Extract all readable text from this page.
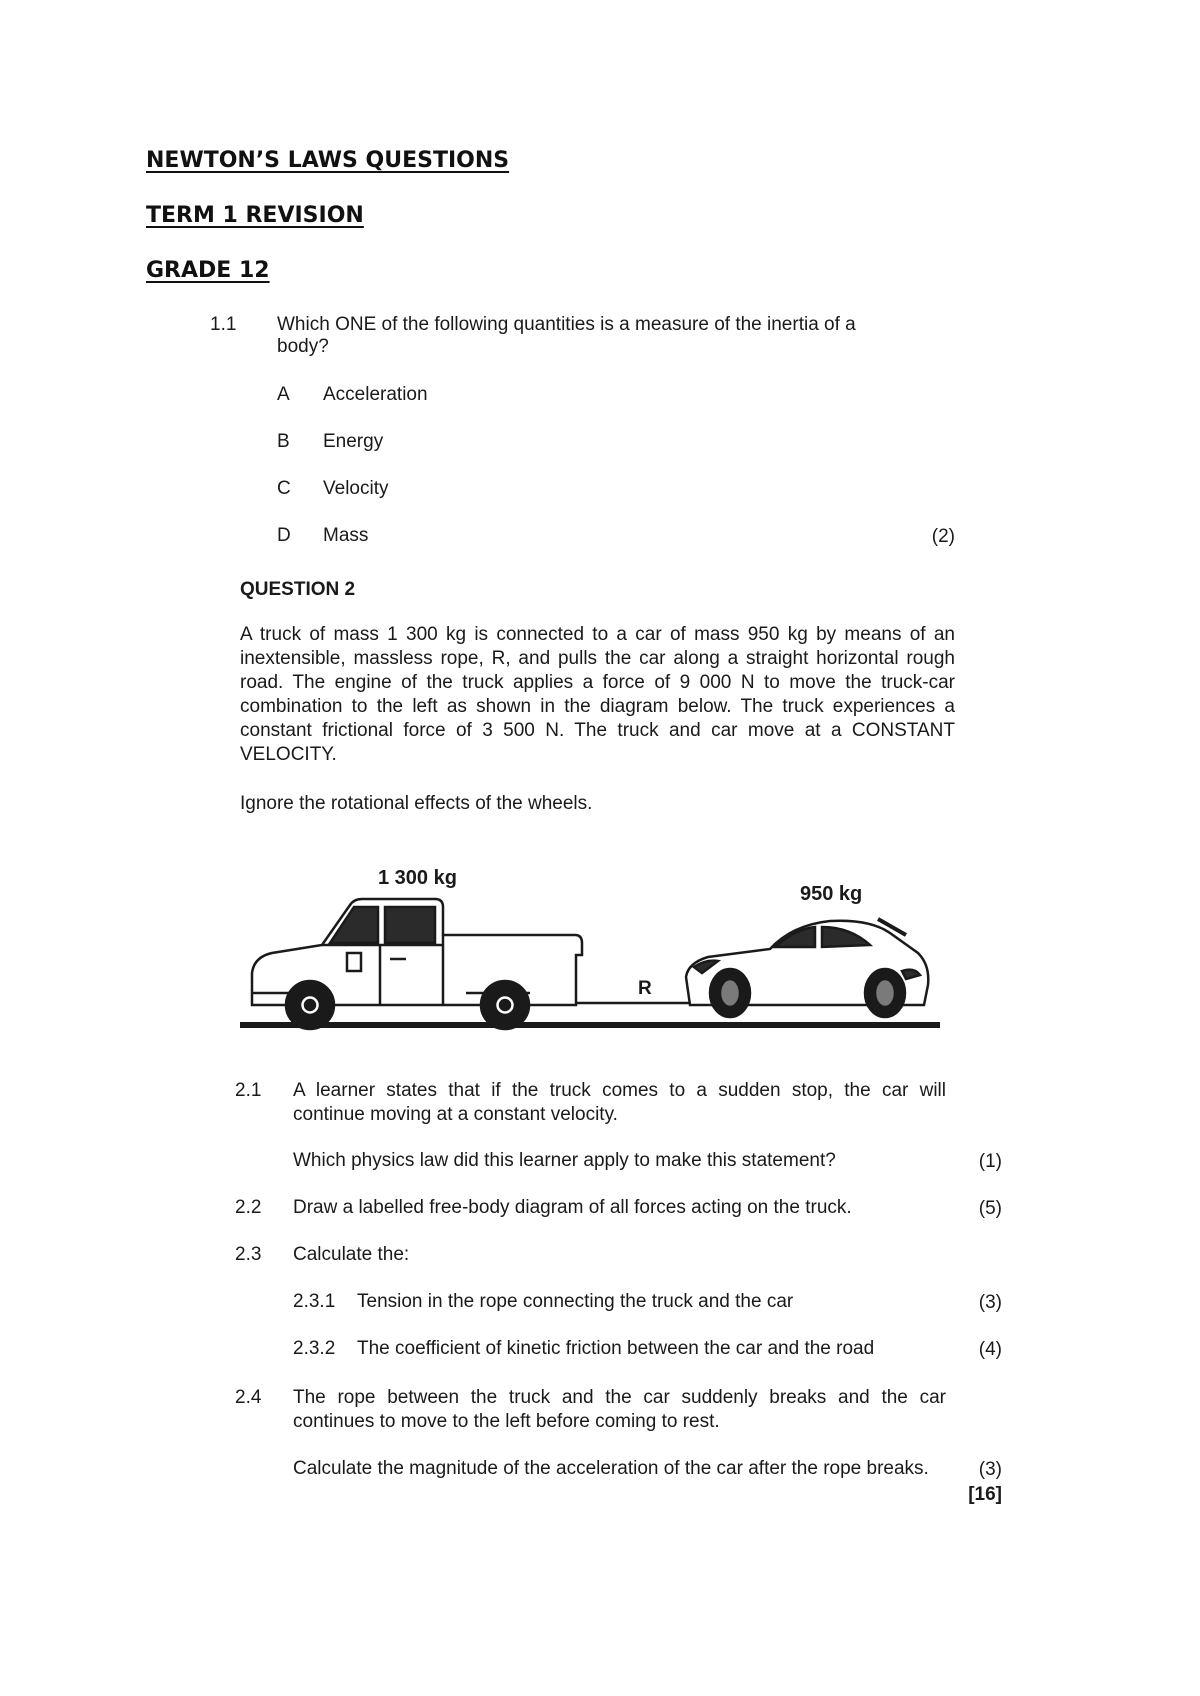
NEWTON’S LAWS QUESTIONS
TERM 1 REVISION
GRADE 12
1.1 Which ONE of the following quantities is a measure of the inertia of a
body?
A Acceleration
B Energy
C Velocity
D Mass	(2)
QUESTION 2
A truck of mass 1 300 kg is connected to a car of mass 950 kg by means of an
inextensible, massless rope, R, and pulls the car along a straight horizontal rough
road. The engine of the truck applies a force of 9 000 N to move the truck-car
combination to the left as shown in the diagram below. The truck experiences a
constant frictional force of 3 500 N. The truck and car move at a CONSTANT
VELOCITY.
Ignore the rotational effects of the wheels.
1 300 kg
950 kg
R
2.1 A learner states that if the truck comes to a sudden stop, the car will
continue moving at a constant velocity.
Which physics law did this learner apply to make this statement?	(1)
2.2 Draw a labelled free-body diagram of all forces acting on the truck.	(5)
2.3 Calculate the:
2.3.1 Tension in the rope connecting the truck and the car	(3)
2.3.2 The coefficient of kinetic friction between the car and the road	(4)
2.4 The rope between the truck and the car suddenly breaks and the car
continues to move to the left before coming to rest.
Calculate the magnitude of the acceleration of the car after the rope breaks.	(3)
[16]
